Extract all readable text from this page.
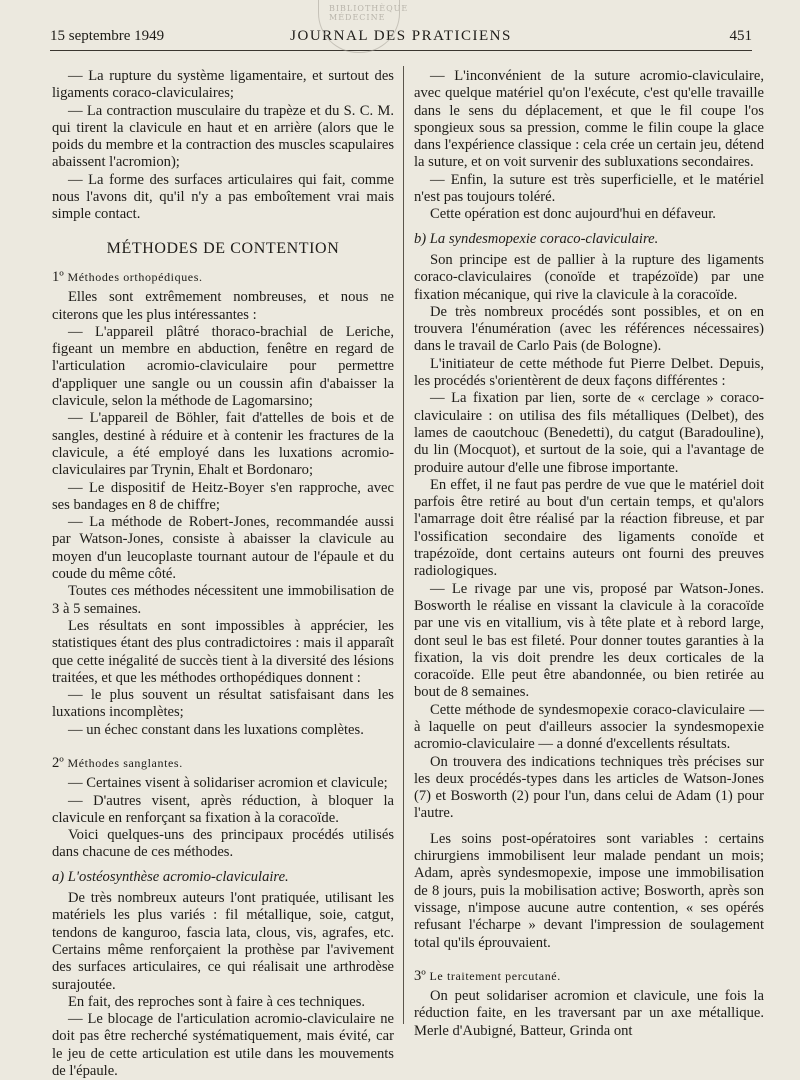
15 septembre 1949	JOURNAL DES PRATICIENS	451
BIBLIOTHÈQUE MÉDECINE

— La rupture du système ligamentaire, et surtout des ligaments coraco-claviculaires;

— La contraction musculaire du trapèze et du S. C. M. qui tirent la clavicule en haut et en arrière (alors que le poids du membre et la contraction des muscles scapulaires abaissent l'acromion);

— La forme des surfaces articulaires qui fait, comme nous l'avons dit, qu'il n'y a pas emboîtement vrai mais simple contact.

MÉTHODES DE CONTENTION
1º Méthodes orthopédiques.

Elles sont extrêmement nombreuses, et nous ne citerons que les plus intéressantes :

— L'appareil plâtré thoraco-brachial de Leriche, figeant un membre en abduction, fenêtre en regard de l'articulation acromio-claviculaire pour permettre d'appliquer une sangle ou un coussin afin d'abaisser la clavicule, selon la méthode de Lagomarsino;

— L'appareil de Böhler, fait d'attelles de bois et de sangles, destiné à réduire et à contenir les fractures de la clavicule, a été employé dans les luxations acromio-claviculaires par Trynin, Ehalt et Bordonaro;

— Le dispositif de Heitz-Boyer s'en rapproche, avec ses bandages en 8 de chiffre;

— La méthode de Robert-Jones, recommandée aussi par Watson-Jones, consiste à abaisser la clavicule au moyen d'un leucoplaste tournant autour de l'épaule et du coude du même côté.

Toutes ces méthodes nécessitent une immobilisation de 3 à 5 semaines.

Les résultats en sont impossibles à apprécier, les statistiques étant des plus contradictoires : mais il apparaît que cette inégalité de succès tient à la diversité des lésions traitées, et que les méthodes orthopédiques donnent :

— le plus souvent un résultat satisfaisant dans les luxations incomplètes;

— un échec constant dans les luxations complètes.

2º Méthodes sanglantes.

— Certaines visent à solidariser acromion et clavicule;

— D'autres visent, après réduction, à bloquer la clavicule en renforçant sa fixation à la coracoïde.

Voici quelques-uns des principaux procédés utilisés dans chacune de ces méthodes.

a) L'ostéosynthèse acromio-claviculaire.

De très nombreux auteurs l'ont pratiquée, utilisant les matériels les plus variés : fil métallique, soie, catgut, tendons de kanguroo, fascia lata, clous, vis, agrafes, etc. Certains même renforçaient la prothèse par l'avivement des surfaces articulaires, ce qui réalisait une arthrodèse surajoutée.

En fait, des reproches sont à faire à ces techniques.

— Le blocage de l'articulation acromio-claviculaire ne doit pas être recherché systématiquement, mais évité, car le jeu de cette articulation est utile dans les mouvements de l'épaule.

— L'inconvénient de la suture acromio-claviculaire, avec quelque matériel qu'on l'exécute, c'est qu'elle travaille dans le sens du déplacement, et que le fil coupe l'os spongieux sous sa pression, comme le filin coupe la glace dans l'expérience classique : cela crée un certain jeu, détend la suture, et on voit survenir des subluxations secondaires.

— Enfin, la suture est très superficielle, et le matériel n'est pas toujours toléré.

Cette opération est donc aujourd'hui en défaveur.

b) La syndesmopexie coraco-claviculaire.

Son principe est de pallier à la rupture des ligaments coraco-claviculaires (conoïde et trapézoïde) par une fixation mécanique, qui rive la clavicule à la coracoïde.

De très nombreux procédés sont possibles, et on en trouvera l'énumération (avec les références nécessaires) dans le travail de Carlo Pais (de Bologne).

L'initiateur de cette méthode fut Pierre Delbet. Depuis, les procédés s'orientèrent de deux façons différentes :

— La fixation par lien, sorte de « cerclage » coraco-claviculaire : on utilisa des fils métalliques (Delbet), des lames de caoutchouc (Benedetti), du catgut (Baradouline), du lin (Mocquot), et surtout de la soie, qui a l'avantage de produire autour d'elle une fibrose importante.

En effet, il ne faut pas perdre de vue que le matériel doit parfois être retiré au bout d'un certain temps, et qu'alors l'amarrage doit être réalisé par la réaction fibreuse, et par l'ossification secondaire des ligaments conoïde et trapézoïde, dont certains auteurs ont fourni des preuves radiologiques.

— Le rivage par une vis, proposé par Watson-Jones. Bosworth le réalise en vissant la clavicule à la coracoïde par une vis en vitallium, vis à tête plate et à rebord large, dont seul le bas est fileté. Pour donner toutes garanties à la fixation, la vis doit prendre les deux corticales de la coracoïde. Elle peut être abandonnée, ou bien retirée au bout de 8 semaines.

Cette méthode de syndesmopexie coraco-claviculaire — à laquelle on peut d'ailleurs associer la syndesmopexie acromio-claviculaire — a donné d'excellents résultats.

On trouvera des indications techniques très précises sur les deux procédés-types dans les articles de Watson-Jones (7) et Bosworth (2) pour l'un, dans celui de Adam (1) pour l'autre.

Les soins post-opératoires sont variables : certains chirurgiens immobilisent leur malade pendant un mois; Adam, après syndesmopexie, impose une immobilisation de 8 jours, puis la mobilisation active; Bosworth, après son vissage, n'impose aucune autre contention, « ses opérés refusant l'écharpe » devant l'impression de soulagement total qu'ils éprouvaient.

3º Le traitement percutané.

On peut solidariser acromion et clavicule, une fois la réduction faite, en les traversant par un axe métallique. Merle d'Aubigné, Batteur, Grinda ont
